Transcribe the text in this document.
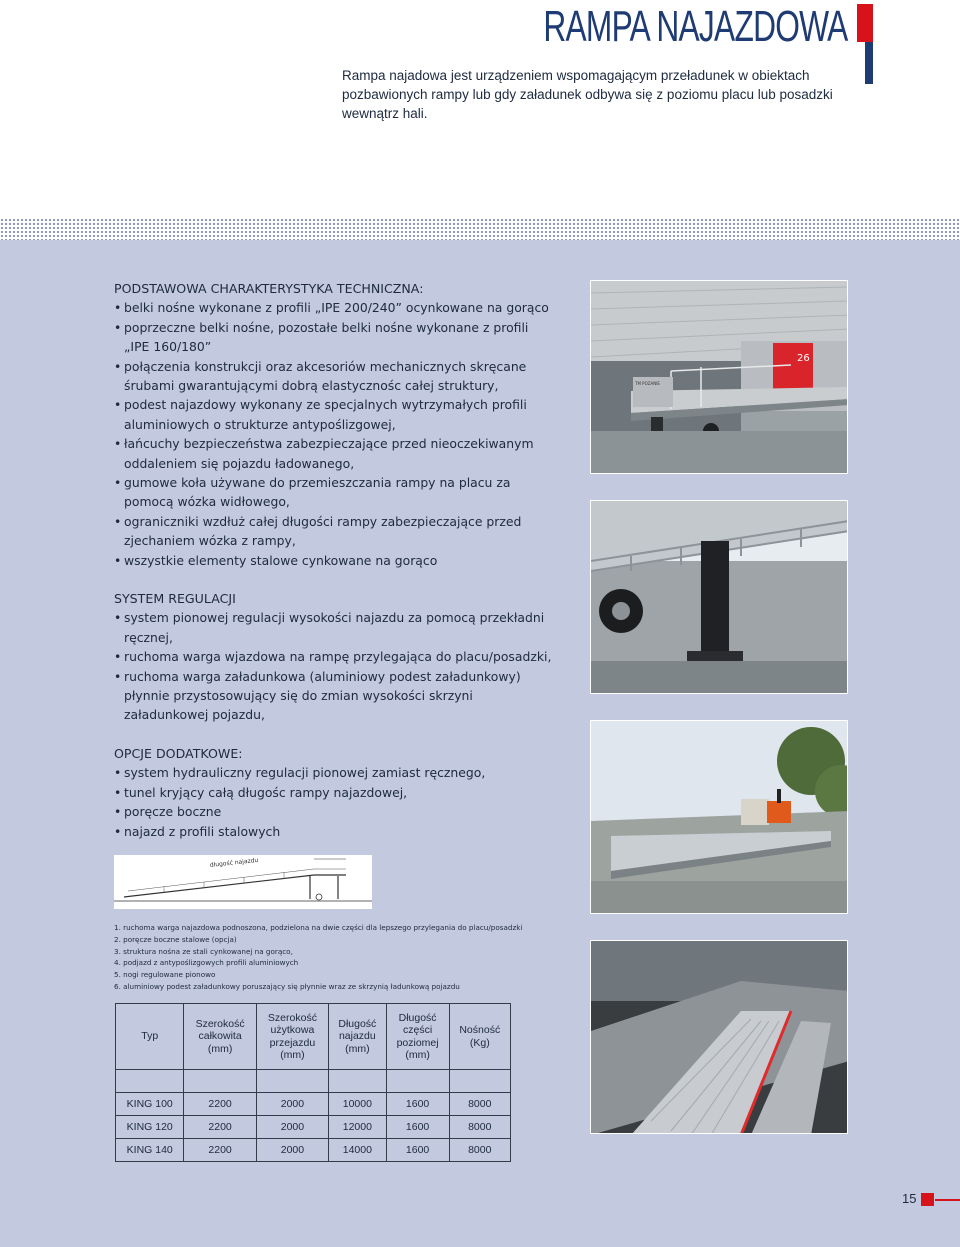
RAMPA NAJAZDOWA

Rampa najadowa jest urządzeniem wspomagającym przeładunek w obiektach pozbawionych rampy lub gdy załadunek odbywa się z poziomu placu lub posadzki wewnątrz hali.

PODSTAWOWA CHARAKTERYSTYKA TECHNICZNA:
• belki nośne wykonane z profili „IPE 200/240” ocynkowane na gorąco
• poprzeczne belki nośne, pozostałe belki nośne wykonane z profili „IPE 160/180”
• połączenia konstrukcji oraz akcesoriów mechanicznych skręcane śrubami gwarantującymi dobrą elastycznośc całej struktury,
• podest najazdowy wykonany ze specjalnych wytrzymałych profili aluminiowych o strukturze antypoślizgowej,
• łańcuchy bezpieczeństwa zabezpieczające przed nieoczekiwanym oddaleniem się pojazdu ładowanego,
• gumowe koła używane do przemieszczania rampy na placu za pomocą wózka widłowego,
• ograniczniki wzdłuż całej długości rampy zabezpieczające przed zjechaniem wózka z rampy,
• wszystkie elementy stalowe cynkowane na gorąco
SYSTEM REGULACJI
• system pionowej regulacji wysokości najazdu za pomocą przekładni ręcznej,
• ruchoma warga wjazdowa na rampę przylegająca do placu/posadzki,
• ruchoma warga załadunkowa (aluminiowy podest załadunkowy) płynnie przystosowujący się do zmian wysokości skrzyni załadunkowej pojazdu,
OPCJE DODATKOWE:
• system hydrauliczny regulacji pionowej zamiast ręcznego,
• tunel kryjący całą długośc rampy najazdowej,
• poręcze boczne
• najazd z profili stalowych
26
TM POZANIE
długość najazdu
1. ruchoma warga najazdowa podnoszona, podzielona na dwie części dla lepszego przylegania do placu/posadzki
2. poręcze boczne stalowe (opcja)
3. struktura nośna ze stali cynkowanej na gorąco,
4. podjazd z antypoślizgowych profili aluminiowych
5. nogi regulowane pionowo
6. aluminiowy podest załadunkowy poruszający się płynnie wraz ze skrzynią ładunkową pojazdu
Typ	Szerokość
całkowita
(mm)	Szerokość
użytkowa
przejazdu
(mm)	Długość
najazdu
(mm)	Długość
części
poziomej
(mm)	Nośność
(Kg)

KING 100	2200	2000	10000	1600	8000
KING 120	2200	2000	12000	1600	8000
KING 140	2200	2000	14000	1600	8000
15
